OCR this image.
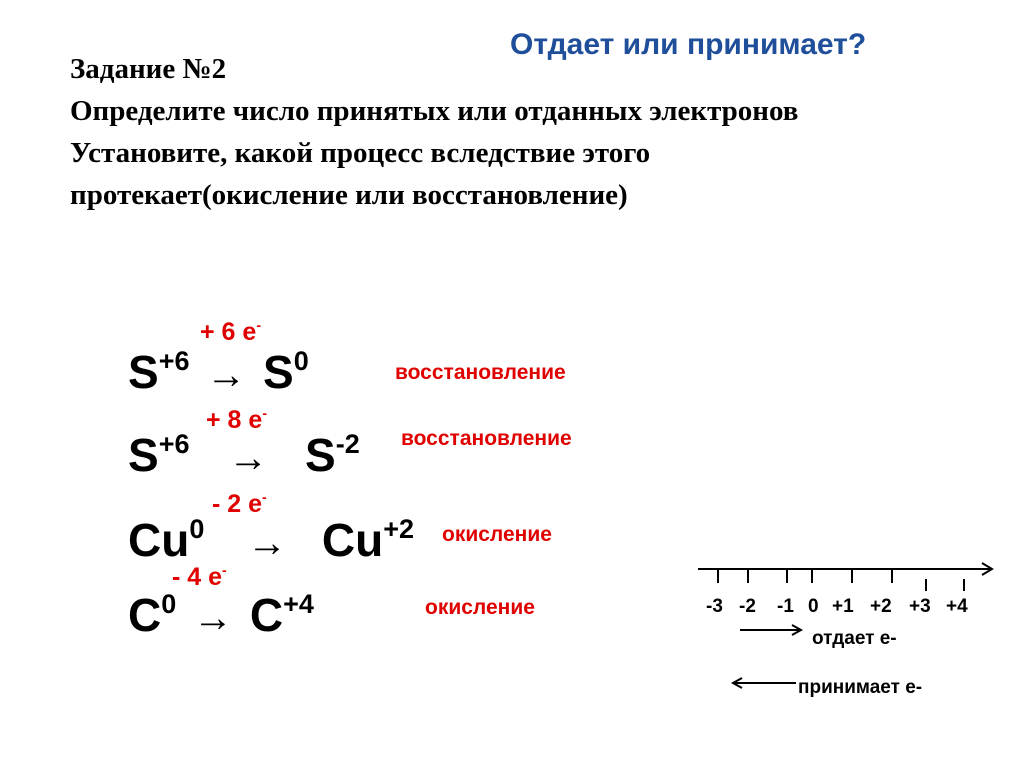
Отдает или принимает?
Задание №2
Определите число принятых или отданных электронов
Установите, какой процесс вследствие этого
протекает(окисление или восстановление)
+ 6 e-
$S^{+6} \to S^0$	восстановление
+ 8 e-
$S^{+6} \to S^{-2}$ восстановление
- 2 e-
$Cu^0 \to Cu^{+2}$ окисление
- 4 e-
$C^0 \to C^{+4}$	окисление	-3 -2 -1 0 +1 +2 +3 +4
отдает е-
принимает е-
